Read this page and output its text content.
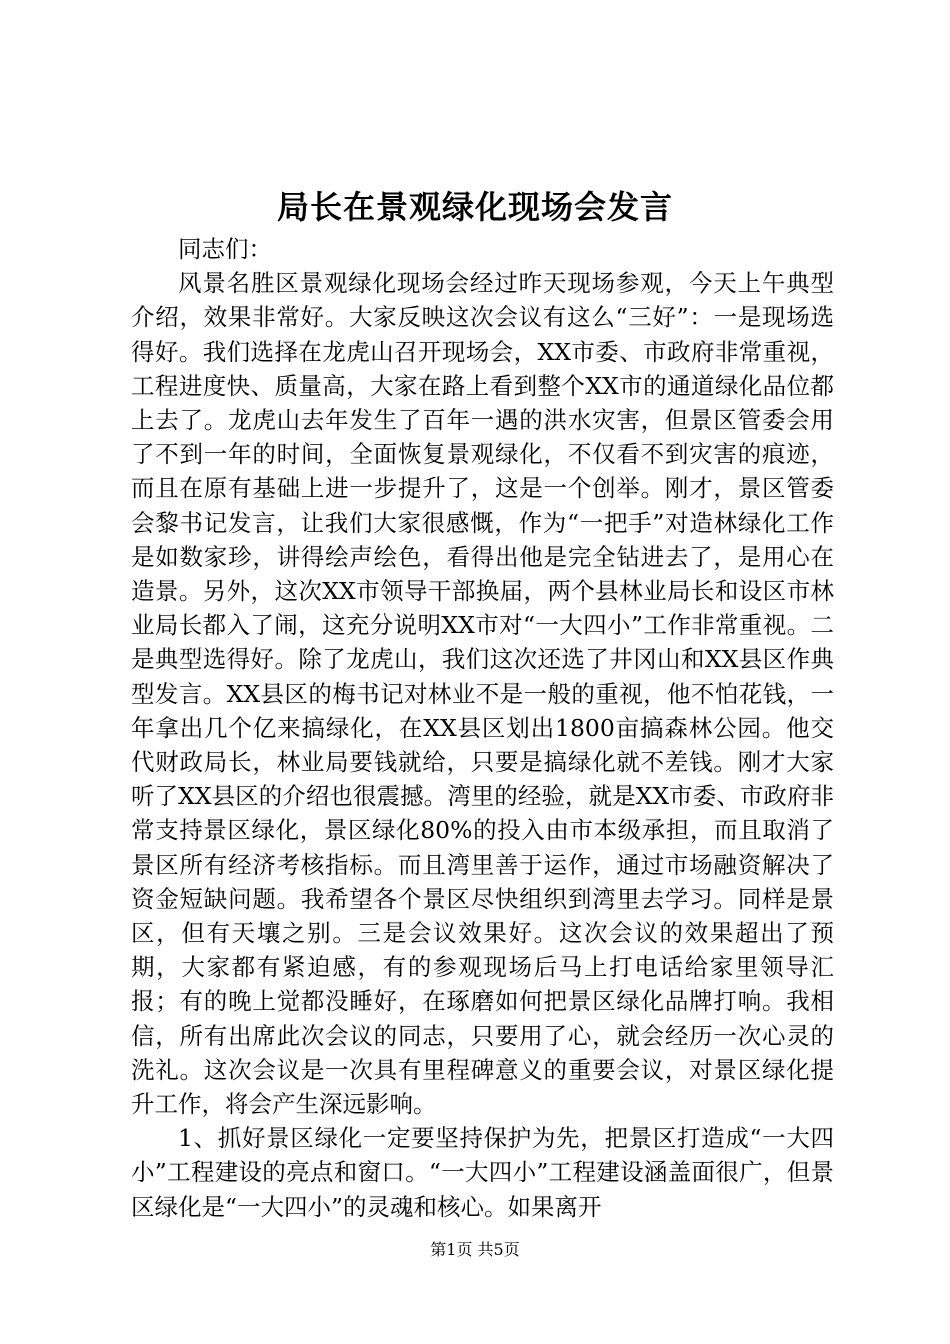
局长在景观绿化现场会发言

同志们：

风景名胜区景观绿化现场会经过昨天现场参观，今天上午典型介绍，效果非常好。大家反映这次会议有这么“三好”：一是现场选得好。我们选择在龙虎山召开现场会，XX市委、市政府非常重视，工程进度快、质量高，大家在路上看到整个XX市的通道绿化品位都上去了。龙虎山去年发生了百年一遇的洪水灾害，但景区管委会用了不到一年的时间，全面恢复景观绿化，不仅看不到灾害的痕迹，而且在原有基础上进一步提升了，这是一个创举。刚才，景区管委会黎书记发言，让我们大家很感慨，作为“一把手”对造林绿化工作是如数家珍，讲得绘声绘色，看得出他是完全钻进去了，是用心在造景。另外，这次XX市领导干部换届，两个县林业局长和设区市林业局长都入了闹，这充分说明XX市对“一大四小”工作非常重视。二是典型选得好。除了龙虎山，我们这次还选了井冈山和XX县区作典型发言。XX县区的梅书记对林业不是一般的重视，他不怕花钱，一年拿出几个亿来搞绿化，在XX县区划出1800亩搞森林公园。他交代财政局长，林业局要钱就给，只要是搞绿化就不差钱。刚才大家听了XX县区的介绍也很震撼。湾里的经验，就是XX市委、市政府非常支持景区绿化，景区绿化80%的投入由市本级承担，而且取消了景区所有经济考核指标。而且湾里善于运作，通过市场融资解决了资金短缺问题。我希望各个景区尽快组织到湾里去学习。同样是景区，但有天壤之别。三是会议效果好。这次会议的效果超出了预期，大家都有紧迫感，有的参观现场后马上打电话给家里领导汇报；有的晚上觉都没睡好，在琢磨如何把景区绿化品牌打响。我相信，所有出席此次会议的同志，只要用了心，就会经历一次心灵的洗礼。这次会议是一次具有里程碑意义的重要会议，对景区绿化提升工作，将会产生深远影响。

1、抓好景区绿化一定要坚持保护为先，把景区打造成“一大四小”工程建设的亮点和窗口。“一大四小”工程建设涵盖面很广，但景区绿化是“一大四小”的灵魂和核心。如果离开

第1页 共5页
